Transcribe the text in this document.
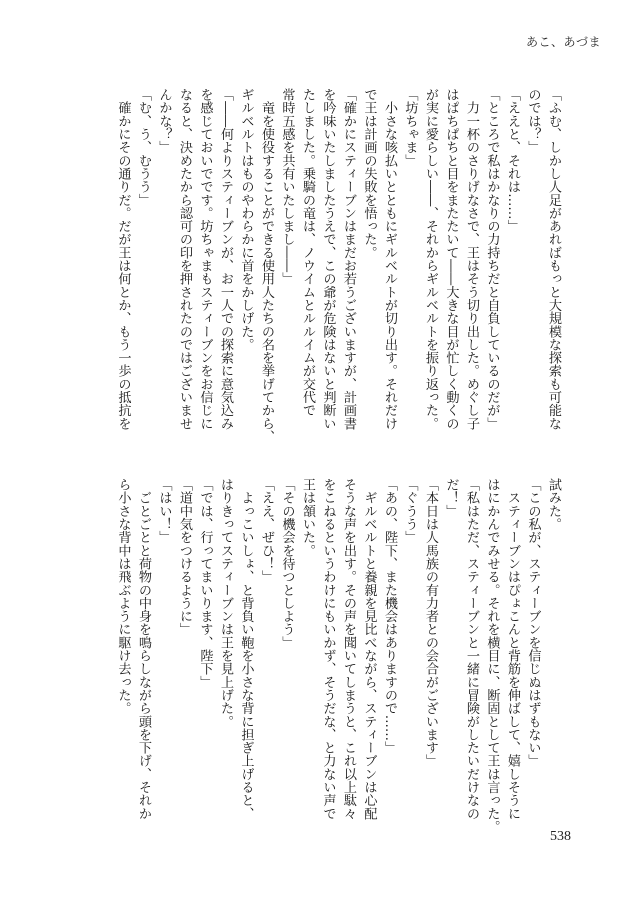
あこ、あづま
「ふむ、しかし人足があればもっと大規模な探索も可能な
のでは？」
「ええと、それは……」
「ところで私はかなりの力持ちだと自負しているのだが」
　力一杯のさりげなさで、王はそう切り出した。めぐし子
はぱちぱちと目をまたたいて――大きな目が忙しく動くの
が実に愛らしい――、それからギルベルトを振り返った。
「坊ちゃま」
　小さな咳払いとともにギルベルトが切り出す。それだけ
で王は計画の失敗を悟った。
「確かにスティーブンはまだお若うございますが、計画書
を吟味いたしましたうえで、この爺が危険はないと判断い
たしました。乗騎の竜は、ノウイムとルルイムが交代で
常時五感を共有いたしまし――」
　竜を使役することができる使用人たちの名を挙げてから、
ギルベルトはものやわらかに首をかしげた。
「――何よりスティーブンが、お一人での探索に意気込み
を感じておいでです。坊ちゃまもスティーブンをお信じに
なると、決めたから認可の印を押されたのではございませ
んかな？」
「む、う、むうう」
　確かにその通りだ。だが王は何とか、もう一歩の抵抗を
試みた。
「この私が、スティーブンを信じぬはずもない」
　スティーブンはぴょこんと背筋を伸ばして、嬉しそうに
はにかんでみせる。それを横目に、断固として王は言った。
「私はただ、スティーブンと一緒に冒険がしたいだけなの
だ！」
「本日は人馬族の有力者との会合がございます」
「ぐうう」
「あの、陛下、また機会はありますので……」
　ギルベルトと養親を見比べながら、スティーブンは心配
そうな声を出す。その声を聞いてしまうと、これ以上駄々
をこねるというわけにもいかず、そうだな、と力ない声で
王は頷いた。
「その機会を待つとしよう」
「ええ、ぜひ！」
　よっこいしょ、と背負い鞄を小さな背に担ぎ上げると、
はりきってスティーブンは王を見上げた。
「では、行ってまいります、陛下」
「道中気をつけるように」
「はい！」
　ごとごとと荷物の中身を鳴らしながら頭を下げ、それか
ら小さな背中は飛ぶように駆け去った。
538
